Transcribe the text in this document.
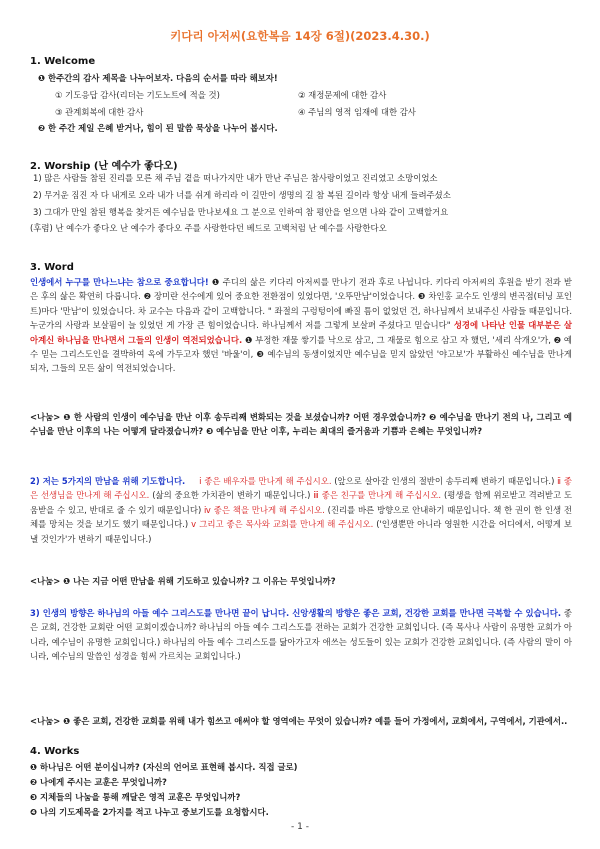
키다리 아저씨(요한복음 14장 6절)(2023.4.30.)
1. Welcome
❶ 한주간의 감사 제목을 나누어보자. 다음의 순서를 따라 해보자!
① 기도응답 감사(리더는 기도노트에 적을 것)	② 재정문제에 대한 감사
③ 관계회복에 대한 감사	④ 주님의 영적 임재에 대한 감사
❷ 한 주간 제일 은혜 받거나, 힘이 된 말씀 묵상을 나누어 봅시다.
2. Worship (난 예수가 좋다오)
1) 많은 사람들 참된 진리를 모른 채 주님 곁을 떠나가지만 내가 만난 주님은 참사랑이었고 진리였고 소망이었소
2) 무거운 짐진 자 다 내게로 오라 내가 너를 쉬게 하리라 이 길만이 생명의 길 참 복된 길이라 항상 내게 들려주셨소
3) 그대가 만일 참된 행복을 찾거든 예수님을 만나보세요 그 분으로 인하여 참 평안을 얻으면 나와 같이 고백할거요
(후렴) 난 예수가 좋다오 난 예수가 좋다오 주를 사랑한다던 베드로 고백처럼 난 예수를 사랑한다오
3. Word
인생에서 누구를 만나느냐는 참으로 중요합니다! ❶ 주디의 삶은 키다리 아저씨를 만나기 전과 후로 나뉩니다. 키다리 아저씨의 후원을 받기 전과 받은 후의 삶은 확연히 다릅니다. ❷ 장미란 선수에게 있어 중요한 전환점이 있었다면, '오뚜만남'이었습니다. ❸ 차인홍 교수도 인생의 변곡점(터닝 포인트)마다 '만남'이 있었습니다. 차 교수는 다음과 같이 고백합니다. " 좌절의 구렁텅이에 빠질 틈이 없었던 건, 하나님께서 보내주신 사람들 때문입니다. 누군가의 사랑과 보살핌이 늘 있었던 게 가장 큰 힘이었습니다. 하나님께서 저를 그렇게 보살펴 주셨다고 믿습니다" 성경에 나타난 인물 대부분은 살아계신 하나님을 만나면서 그들의 인생이 역전되었습니다. ❶ 부정한 재물 쌓기를 낙으로 삼고, 그 재물로 힘으로 삼고 자 했던, '세리 삭개오'가, ❷ 예수 믿는 그리스도인을 결박하여 옥에 가두고자 했던 '바울'이, ❸ 예수님의 동생이었지만 예수님을 믿지 않았던 '야고보'가 부활하신 예수님을 만나게 되자, 그들의 모든 삶이 역전되었습니다.
<나눔> ❶ 한 사람의 인생이 예수님을 만난 이후 송두리째 변화되는 것을 보셨습니까? 어떤 경우였습니까? ❷ 예수님을 만나기 전의 나, 그리고 예수님을 만난 이후의 나는 어떻게 달라졌습니까? ❸ 예수님을 만난 이후, 누리는 최대의 즐거움과 기쁨과 은혜는 무엇입니까?
2) 저는 5가지의 만남을 위해 기도합니다. ⅰ 좋은 배우자를 만나게 해 주십시오. (앞으로 살아갈 인생의 절반이 송두리째 변하기 때문입니다.) ⅱ 좋은 선생님을 만나게 해 주십시오. (삶의 중요한 가치관이 변하기 때문입니다.) ⅲ 좋은 친구를 만나게 해 주십시오. (평생을 함께 위로받고 격려받고 도움받을 수 있고, 반대로 줄 수 있기 때문입니다) ⅳ 좋은 책을 만나게 해 주십시오. (진리를 바른 방향으로 안내하기 때문입니다. 책 한 권이 한 인생 전체를 망치는 것을 보기도 했기 때문입니다.) ⅴ 그리고 좋은 목사와 교회를 만나게 해 주십시오. ('인생뿐만 아니라 영원한 시간을 어디에서, 어떻게 보낼 것인가'가 변하기 때문입니다.)
<나눔> ❶ 나는 지금 어떤 만남을 위해 기도하고 있습니까? 그 이유는 무엇입니까?
3) 인생의 방향은 하나님의 아들 예수 그리스도를 만나면 끝이 납니다. 신앙생활의 방향은 좋은 교회, 건강한 교회를 만나면 극복할 수 있습니다. 좋은 교회, 건강한 교회란 어떤 교회이겠습니까? 하나님의 아들 예수 그리스도를 전하는 교회가 건강한 교회입니다. (즉 목사나 사람이 유명한 교회가 아니라, 예수님이 유명한 교회입니다.) 하나님의 아들 예수 그리스도를 닮아가고자 애쓰는 성도들이 있는 교회가 건강한 교회입니다. (즉 사람의 말이 아니라, 예수님의 말씀인 성경을 힘써 가르치는 교회입니다.)
<나눔> ❶ 좋은 교회, 건강한 교회를 위해 내가 힘쓰고 애써야 할 영역에는 무엇이 있습니까? 예를 들어 가정에서, 교회에서, 구역에서, 기관에서..
4. Works
❶ 하나님은 어떤 분이십니까? (자신의 언어로 표현해 봅시다. 직접 글로)
❷ 나에게 주시는 교훈은 무엇입니까?
❸ 지체들의 나눔을 통해 깨달은 영적 교훈은 무엇입니까?
❹ 나의 기도제목을 2가지를 적고 나누고 중보기도를 요청합시다.
- 1 -
